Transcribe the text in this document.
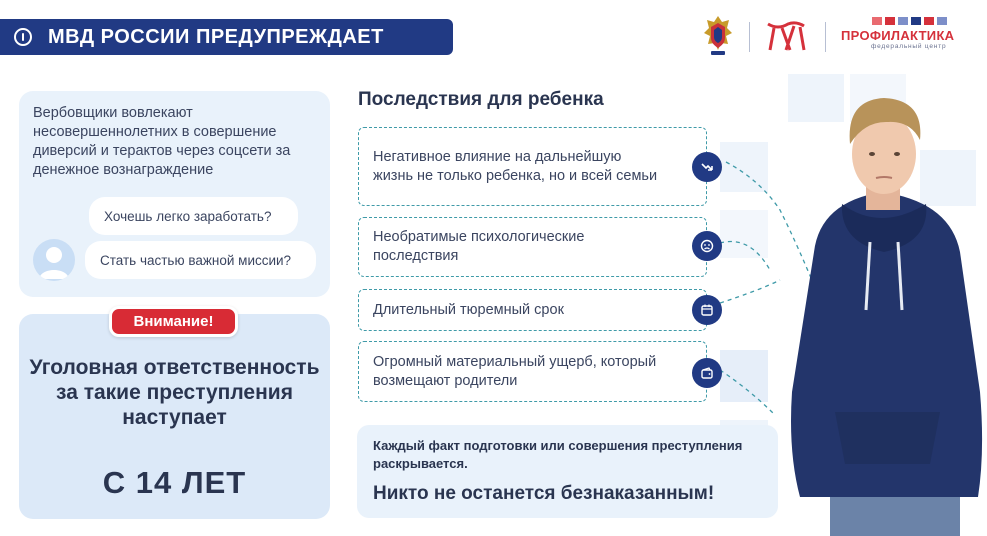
МВД РОССИИ ПРЕДУПРЕЖДАЕТ	ПРОФИЛАКТИКА
федеральный центр
Вербовщики вовлекают несовершеннолетних в совершение диверсий и терактов через соцсети за денежное вознаграждение
Хочешь легко заработать?
Стать частью важной миссии?
Внимание!
Уголовная ответственность за такие преступления наступает
С 14 ЛЕТ
Последствия для ребенка
Негативное влияние на дальнейшую жизнь не только ребенка, но и всей семьи
Необратимые психологические последствия
Длительный тюремный срок
Огромный материальный ущерб, который возмещают родители
Каждый факт подготовки или совершения преступления раскрывается.
Никто не останется безнаказанным!
